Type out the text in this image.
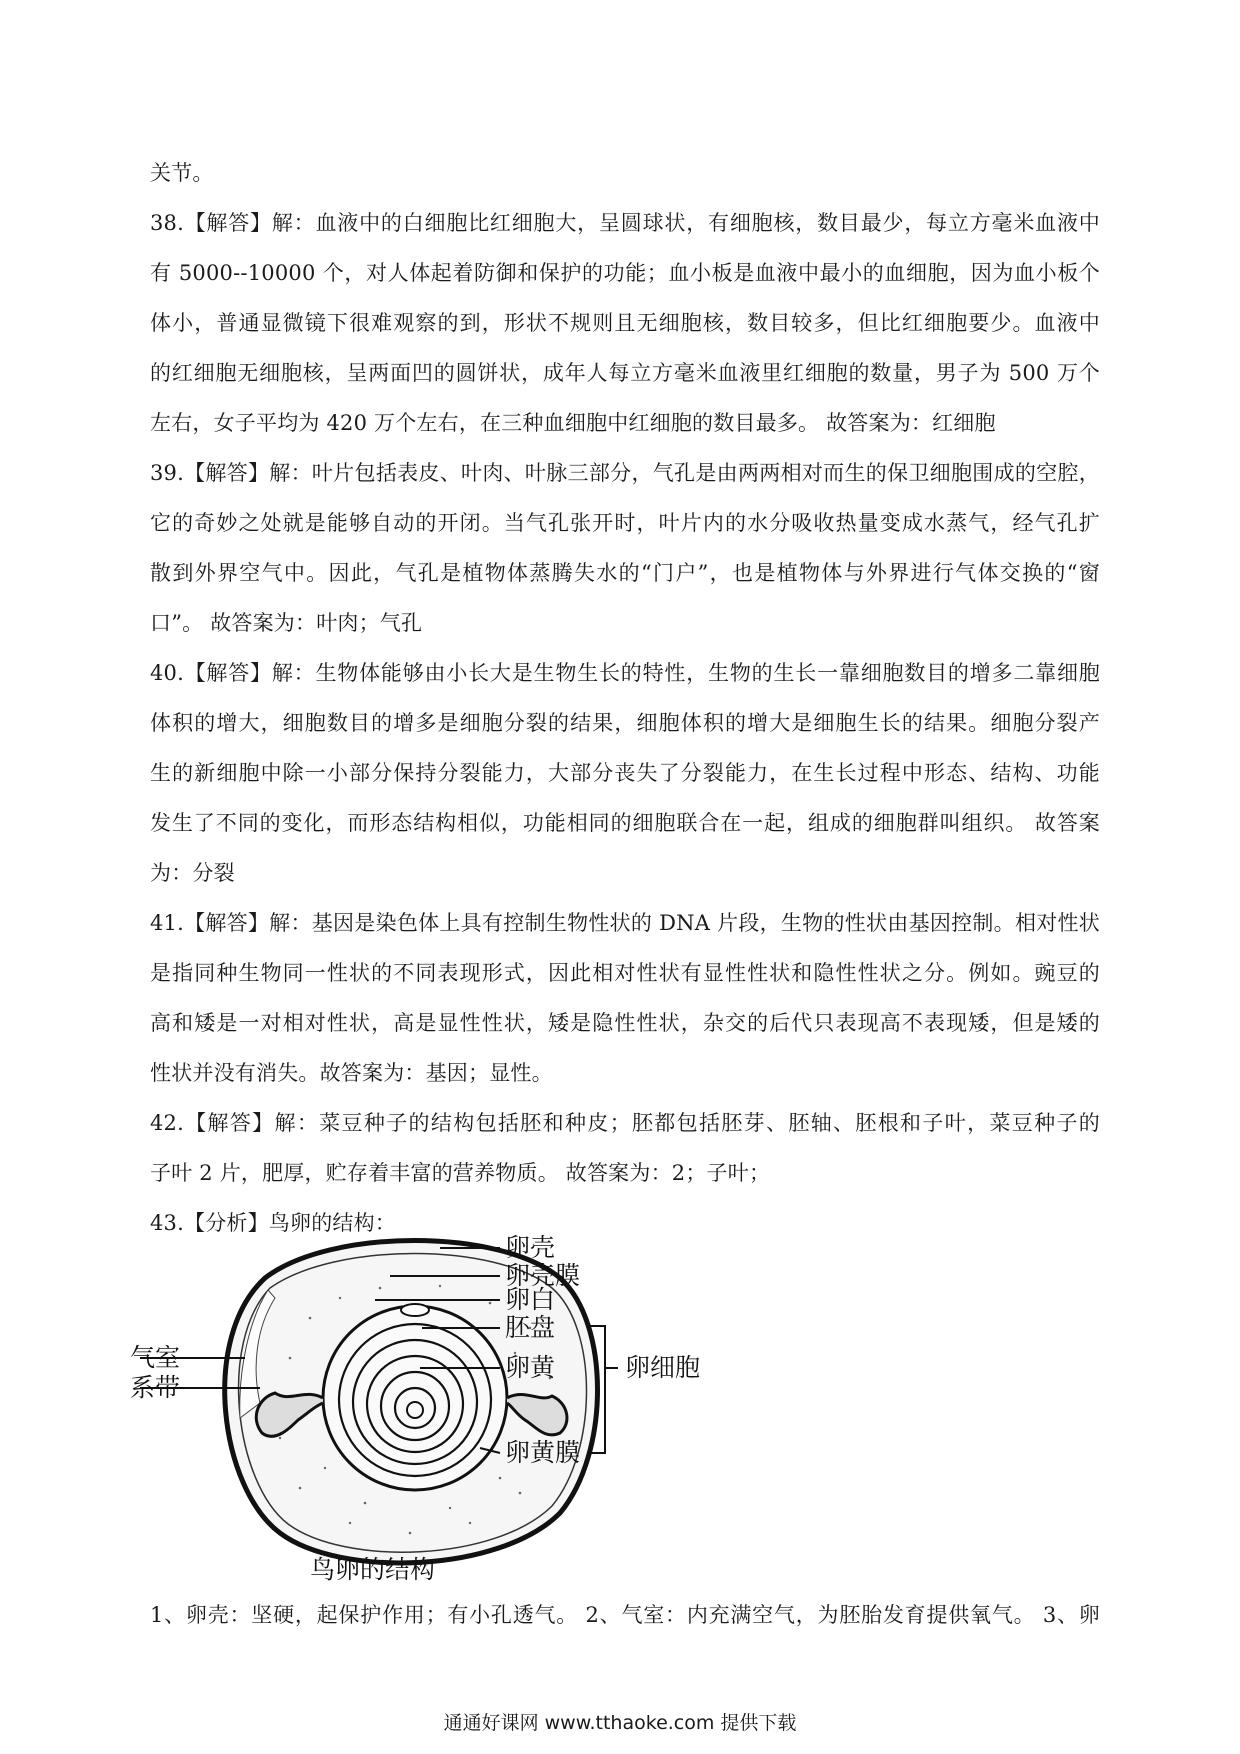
关节。
38.【解答】解：血液中的白细胞比红细胞大，呈圆球状，有细胞核，数目最少，每立方毫米血液中
有 5000--10000 个，对人体起着防御和保护的功能；血小板是血液中最小的血细胞，因为血小板个
体小，普通显微镜下很难观察的到，形状不规则且无细胞核，数目较多，但比红细胞要少。血液中
的红细胞无细胞核，呈两面凹的圆饼状，成年人每立方毫米血液里红细胞的数量，男子为 500 万个
左右，女子平均为 420 万个左右，在三种血细胞中红细胞的数目最多。 故答案为：红细胞
39.【解答】解：叶片包括表皮、叶肉、叶脉三部分，气孔是由两两相对而生的保卫细胞围成的空腔，
它的奇妙之处就是能够自动的开闭。当气孔张开时，叶片内的水分吸收热量变成水蒸气，经气孔扩
散到外界空气中。因此，气孔是植物体蒸腾失水的“门户”，也是植物体与外界进行气体交换的“窗
口”。 故答案为：叶肉；气孔
40.【解答】解：生物体能够由小长大是生物生长的特性，生物的生长一靠细胞数目的增多二靠细胞
体积的增大，细胞数目的增多是细胞分裂的结果，细胞体积的增大是细胞生长的结果。细胞分裂产
生的新细胞中除一小部分保持分裂能力，大部分丧失了分裂能力，在生长过程中形态、结构、功能
发生了不同的变化，而形态结构相似，功能相同的细胞联合在一起，组成的细胞群叫组织。 故答案
为：分裂
41.【解答】解：基因是染色体上具有控制生物性状的 DNA 片段，生物的性状由基因控制。相对性状
是指同种生物同一性状的不同表现形式，因此相对性状有显性性状和隐性性状之分。例如。豌豆的
高和矮是一对相对性状，高是显性性状，矮是隐性性状，杂交的后代只表现高不表现矮，但是矮的
性状并没有消失。故答案为：基因；显性。
42.【解答】解：菜豆种子的结构包括胚和种皮；胚都包括胚芽、胚轴、胚根和子叶，菜豆种子的
子叶 2 片，肥厚，贮存着丰富的营养物质。 故答案为：2；子叶；
43.【分析】鸟卵的结构：
卵壳
卵壳膜
卵白
胚盘
卵黄
卵黄膜
气室
系带
卵细胞
鸟卵的结构
1、卵壳：坚硬，起保护作用；有小孔透气。 2、气室：内充满空气，为胚胎发育提供氧气。 3、卵
通通好课网 www.tthaoke.com 提供下载
